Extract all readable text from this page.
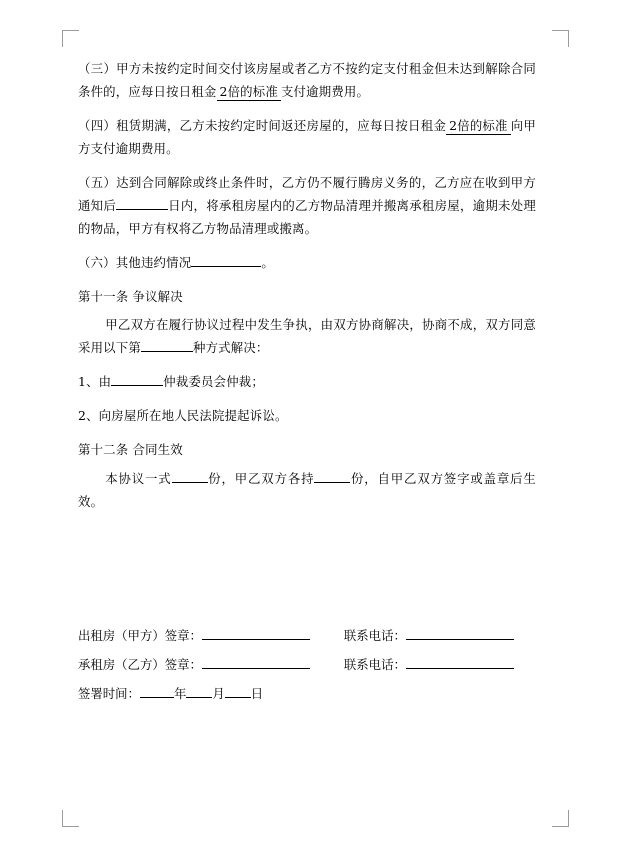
（三）甲方未按约定时间交付该房屋或者乙方不按约定支付租金但未达到解除合同条件的，应每日按日租金 2倍的标准 支付逾期费用。

（四）租赁期满，乙方未按约定时间返还房屋的，应每日按日租金 2倍的标准 向甲方支付逾期费用。

（五）达到合同解除或终止条件时，乙方仍不履行腾房义务的，乙方应在收到甲方通知后	日内，将承租房屋内的乙方物品清理并搬离承租房屋，逾期未处理的物品，甲方有权将乙方物品清理或搬离。

（六）其他违约情况	。

第十一条 争议解决

甲乙双方在履行协议过程中发生争执，由双方协商解决，协商不成，双方同意采用以下第	种方式解决：

1、由	仲裁委员会仲裁；

2、向房屋所在地人民法院提起诉讼。

第十二条 合同生效

本协议一式	份，甲乙双方各持	份，自甲乙双方签字或盖章后生效。

出租房（甲方）签章：	联系电话：
承租房（乙方）签章：	联系电话：
签署时间：	年 月 日
